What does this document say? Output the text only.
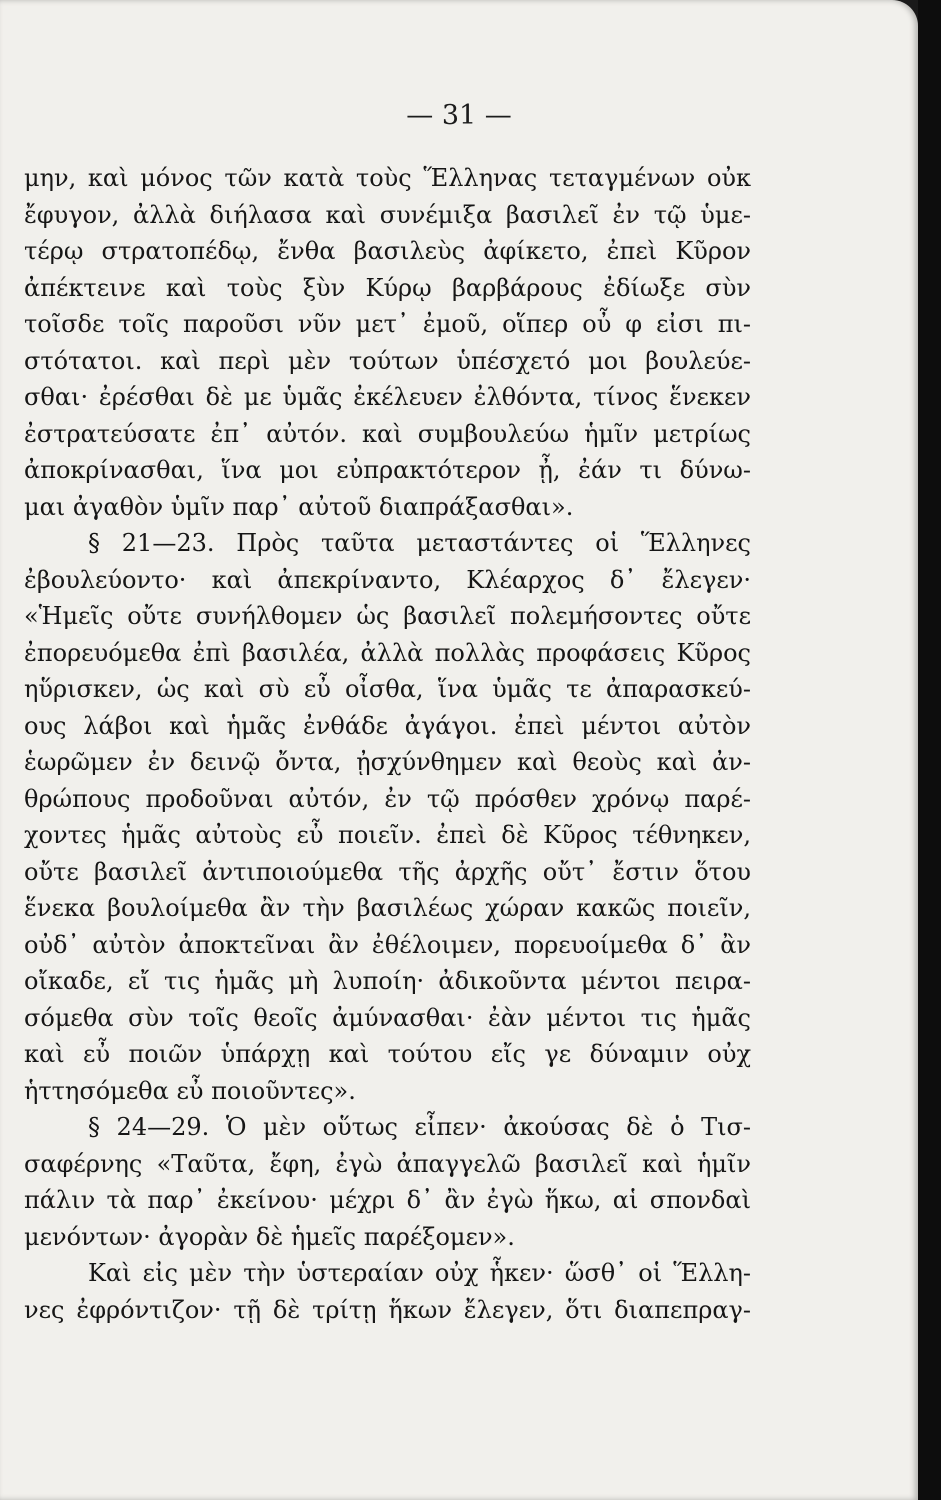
— 31 —
μην, καὶ μόνος τῶν κατὰ τοὺς Ἕλληνας τεταγμένων οὐκ
ἔφυγον, ἀλλὰ διήλασα καὶ συνέμιξα βασιλεῖ ἐν τῷ ὑμε-
τέρῳ στρατοπέδῳ, ἔνθα βασιλεὺς ἀφίκετο, ἐπεὶ Κῦρον
ἀπέκτεινε καὶ τοὺς ξὺν Κύρῳ βαρβάρους ἐδίωξε σὺν
τοῖσδε τοῖς παροῦσι νῦν μετ᾽ ἐμοῦ, οἵπερ οὖ φ εἰσι πι-
στότατοι. καὶ περὶ μὲν τούτων ὑπέσχετό μοι βουλεύε-
σθαι· ἐρέσθαι δὲ με ὑμᾶς ἐκέλευεν ἐλθόντα, τίνος ἕνεκεν
ἐστρατεύσατε ἐπ᾽ αὐτόν. καὶ συμβουλεύω ἡμῖν μετρίως
ἀποκρίνασθαι, ἵνα μοι εὐπρακτότερον ᾖ, ἐάν τι δύνω-
μαι ἀγαθὸν ὑμῖν παρ᾽ αὐτοῦ διαπράξασθαι».
§ 21—23. Πρὸς ταῦτα μεταστάντες οἱ Ἕλληνες
ἐβουλεύοντο· καὶ ἀπεκρίναντο, Κλέαρχος δ᾽ ἔλεγεν·
«Ἡμεῖς οὔτε συνήλθομεν ὡς βασιλεῖ πολεμήσοντες οὔτε
ἐπορευόμεθα ἐπὶ βασιλέα, ἀλλὰ πολλὰς προφάσεις Κῦρος
ηὕρισκεν, ὡς καὶ σὺ εὖ οἶσθα, ἵνα ὑμᾶς τε ἀπαρασκεύ-
ους λάβοι καὶ ἡμᾶς ἐνθάδε ἀγάγοι. ἐπεὶ μέντοι αὐτὸν
ἑωρῶμεν ἐν δεινῷ ὄντα, ᾐσχύνθημεν καὶ θεοὺς καὶ ἀν-
θρώπους προδοῦναι αὐτόν, ἐν τῷ πρόσθεν χρόνῳ παρέ-
χοντες ἡμᾶς αὐτοὺς εὖ ποιεῖν. ἐπεὶ δὲ Κῦρος τέθνηκεν,
οὔτε βασιλεῖ ἀντιποιούμεθα τῆς ἀρχῆς οὔτ᾽ ἔστιν ὅτου
ἕνεκα βουλοίμεθα ἂν τὴν βασιλέως χώραν κακῶς ποιεῖν,
οὐδ᾽ αὐτὸν ἀποκτεῖναι ἂν ἐθέλοιμεν, πορευοίμεθα δ᾽ ἂν
οἴκαδε, εἴ τις ἡμᾶς μὴ λυποίη· ἀδικοῦντα μέντοι πειρα-
σόμεθα σὺν τοῖς θεοῖς ἀμύνασθαι· ἐὰν μέντοι τις ἡμᾶς
καὶ εὖ ποιῶν ὑπάρχῃ καὶ τούτου εἴς γε δύναμιν οὐχ
ἡττησόμεθα εὖ ποιοῦντες».
§ 24—29. Ὁ μὲν οὕτως εἶπεν· ἀκούσας δὲ ὁ Τισ-
σαφέρνης «Ταῦτα, ἔφη, ἐγὼ ἀπαγγελῶ βασιλεῖ καὶ ἡμῖν
πάλιν τὰ παρ᾽ ἐκείνου· μέχρι δ᾽ ἂν ἐγὼ ἥκω, αἱ σπονδαὶ
μενόντων· ἀγορὰν δὲ ἡμεῖς παρέξομεν».
Καὶ εἰς μὲν τὴν ὑστεραίαν οὐχ ἧκεν· ὥσθ᾽ οἱ Ἕλλη-
νες ἐφρόντιζον· τῇ δὲ τρίτῃ ἥκων ἔλεγεν, ὅτι διαπεπραγ-
